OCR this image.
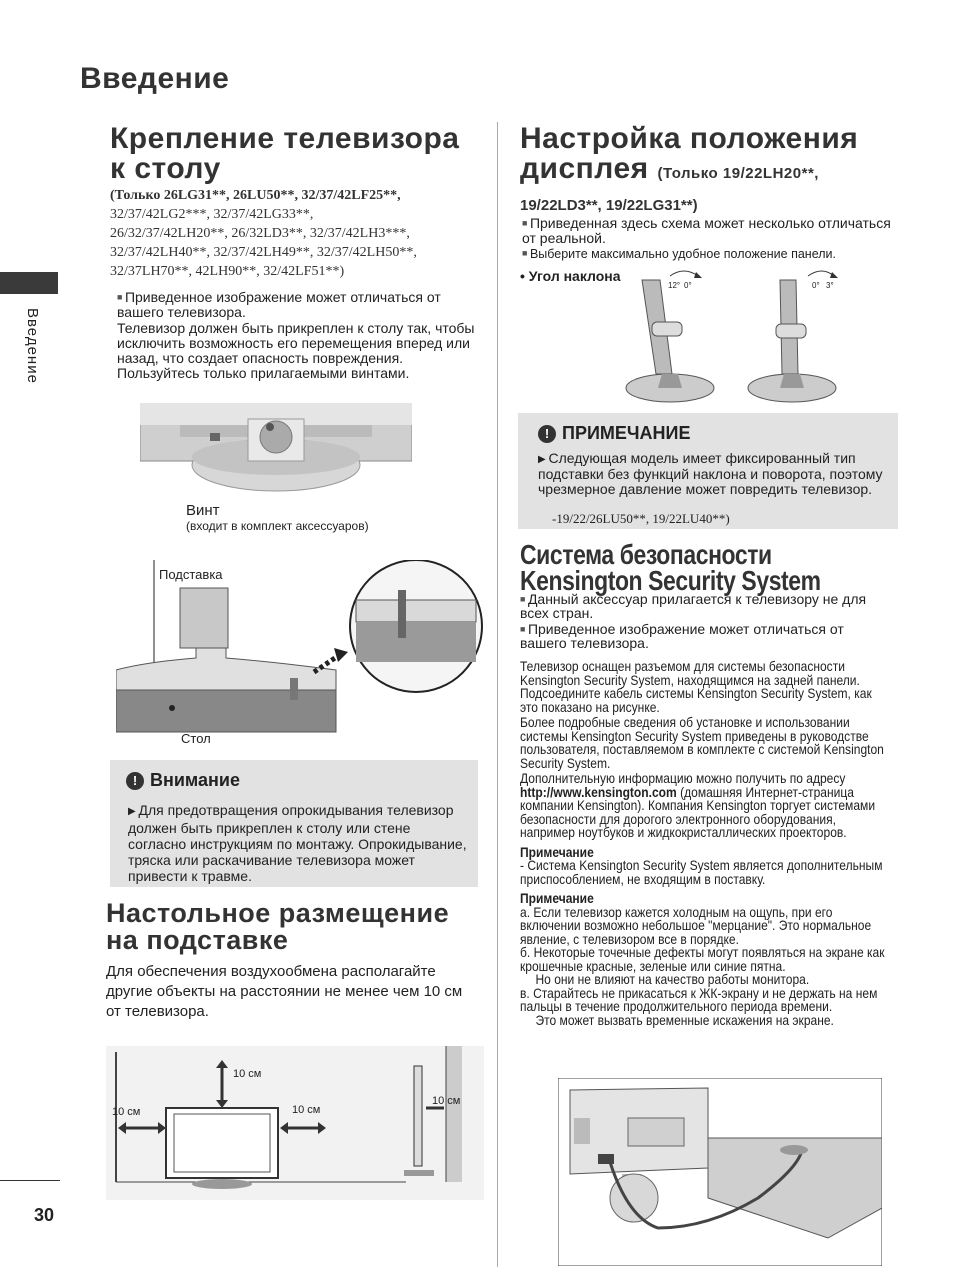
Введение
Введение
30
Крепление телевизора
к столу
(Только 26LG31**, 26LU50**, 32/37/42LF25**,
32/37/42LG2***, 32/37/42LG33**,
26/32/37/42LH20**, 26/32LD3**, 32/37/42LH3***,
32/37/42LH40**, 32/37/42LH49**, 32/37/42LH50**,
32/37LH70**, 42LH90**, 32/42LF51**)
■ Приведенное изображение может отличаться от вашего телевизора.
Телевизор должен быть прикреплен к столу так, чтобы исключить возможность его перемещения вперед или назад, что создает опасность повреждения. Пользуйтесь только прилагаемыми винтами.
Винт
(входит в комплект аксессуаров)
Подставка
Стол
! Внимание
▶ Для предотвращения опрокидывания телевизор должен быть прикреплен к столу или стене согласно инструкциям по монтажу. Опрокидывание, тряска или раскачивание телевизора может привести к травме.
Настольное размещение
на подставке
Для обеспечения воздухообмена располагайте другие объекты на расстоянии не менее чем 10 см от телевизора.
10 см
10 см	10 см
10 см
Настройка положения
дисплея (Только 19/22LH20**,
19/22LD3**, 19/22LG31**)
■ Приведенная здесь схема может несколько отличаться от реальной.
■ Выберите максимально удобное положение панели.
• Угол наклона
12° 0°	0° 3°
! ПРИМЕЧАНИЕ
▶ Следующая модель имеет фиксированный тип подставки без функций наклона и поворота, поэтому чрезмерное давление может повредить телевизор.
-19/22/26LU50**, 19/22LU40**)
Система безопасности
Kensington Security System
■ Данный аксессуар прилагается к телевизору не для всех стран.
■ Приведенное изображение может отличаться от вашего телевизора.
Телевизор оснащен разъемом для системы безопасности Kensington Security System, находящимся на задней панели. Подсоедините кабель системы Kensington Security System, как это показано на рисунке.
Более подробные сведения об установке и использовании системы Kensington Security System приведены в руководстве пользователя, поставляемом в комплекте с системой Kensington Security System.
Дополнительную информацию можно получить по адресу http://www.kensington.com (домашняя Интернет-страница компании Kensington). Компания Kensington торгует системами безопасности для дорогого электронного оборудования, например ноутбуков и жидкокристаллических проекторов.
Примечание
- Система Kensington Security System является дополнительным приспособлением, не входящим в поставку.
Примечание
а. Если телевизор кажется холодным на ощупь, при его включении возможно небольшое "мерцание". Это нормальное явление, с телевизором все в порядке.
б. Некоторые точечные дефекты могут появляться на экране как крошечные красные, зеленые или синие пятна.
Но они не влияют на качество работы монитора.
в. Старайтесь не прикасаться к ЖК-экрану и не держать на нем пальцы в течение продолжительного периода времени.
Это может вызвать временные искажения на экране.
